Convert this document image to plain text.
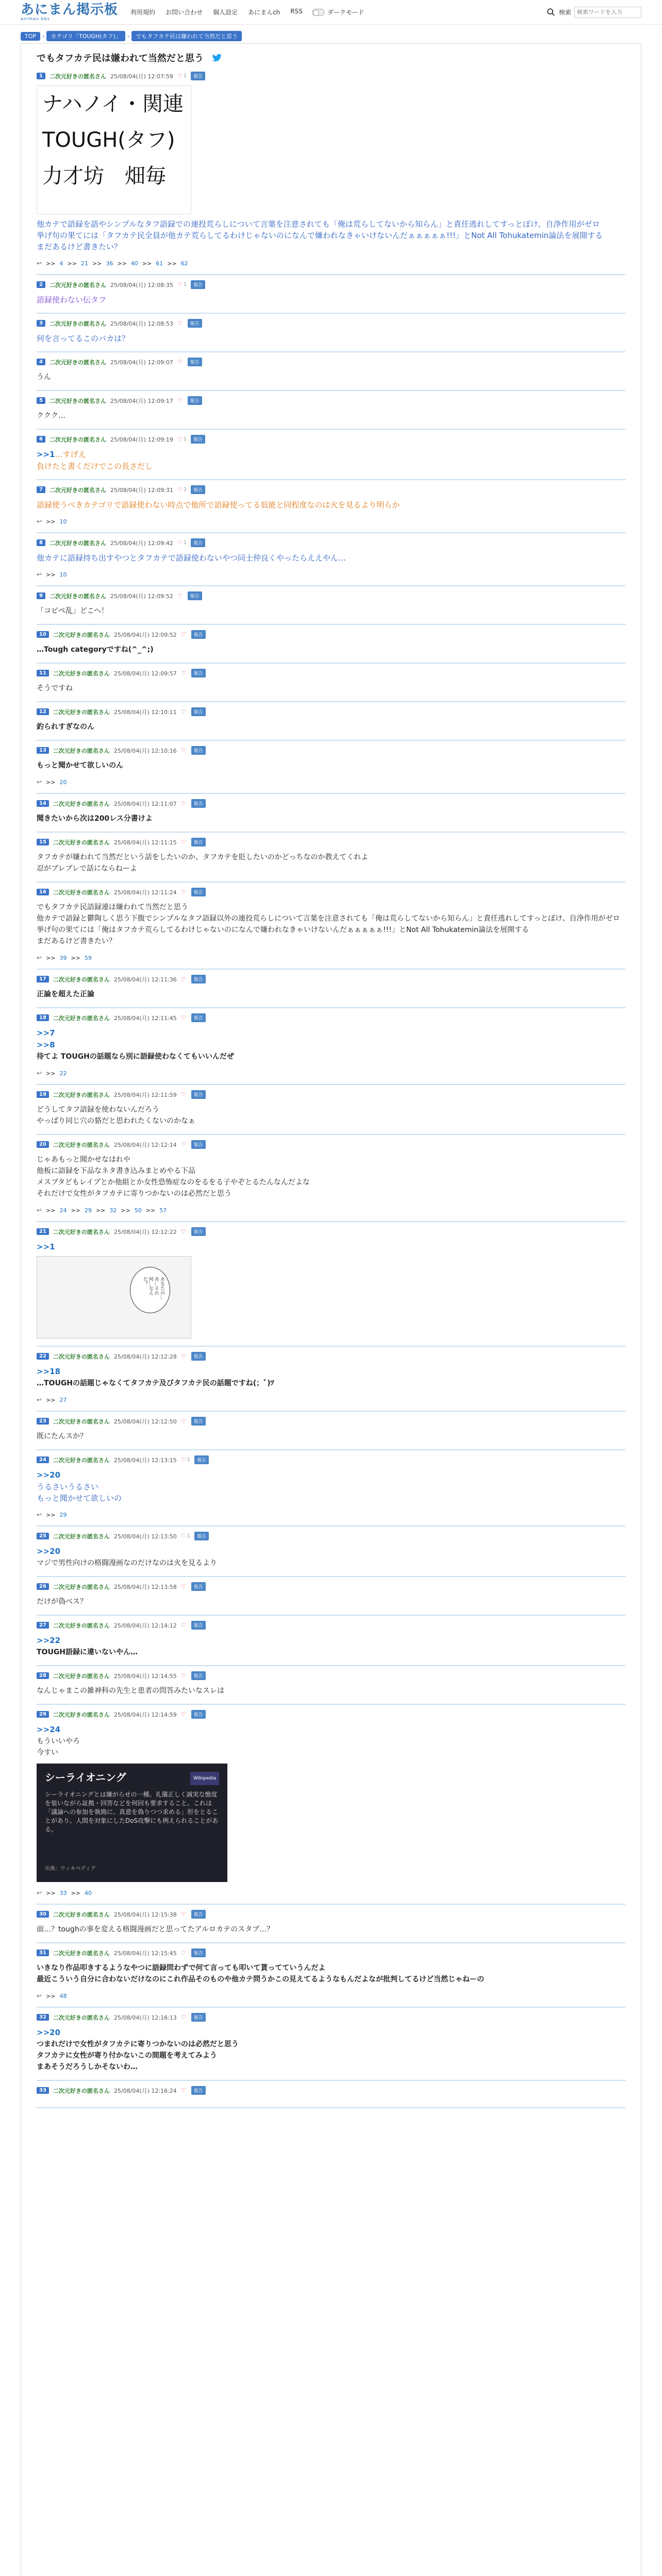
あにまん掲示板
animan bbs
利用規約 お問い合わせ 個人設定 あにまんch RSS	ダークモード	検索
検索ワードを入力
TOP	›	カテゴリ「TOUGH(タフ)」	›	でもタフカテ民は嫌われて当然だと思う
でもタフカテ民は嫌われて当然だと思う
1	二次元好きの匿名さん 25/08/04(月) 12:07:59 ♡ 1	報告
ナハノイ・関連
TOUGH(タフ)
力才坊　畑毎
他カテで語録を語やシンプルなタフ語録での連投荒らしについて言葉を注意されても「俺は荒らしてないから知らん」と責任逃れしてすっとぼけ、自浄作用がゼロ
挙げ句の果てには「タフカテ民全員が他カテ荒らしてるわけじゃないのになんで嫌われなきゃいけないんだぁぁぁぁぁ!!!」とNot All Tohukatemin論法を展開する
まだあるけど書きたい？
↩ >> 4 >> 21 >> 36 >> 40 >> 61 >> 62
2	二次元好きの匿名さん 25/08/04(月) 12:08:35 ♡ 1	報告
語録使わない伝タフ
3	二次元好きの匿名さん 25/08/04(月) 12:08:53 ♡	報告
何を言ってるこのバカは？
4	二次元好きの匿名さん 25/08/04(月) 12:09:07 ♡	報告
うん
5	二次元好きの匿名さん 25/08/04(月) 12:09:17 ♡	報告
ククク…
6	二次元好きの匿名さん 25/08/04(月) 12:09:19 ♡ 1	報告
>>1…すげえ
負けたと書くだけでこの長さだし
7	二次元好きの匿名さん 25/08/04(月) 12:09:31 ♡ 2	報告
語録使うべきカテゴリで語録使わない時点で他所で語録使ってる低能と同程度なのは火を見るより明らか
↩ >> 10
8	二次元好きの匿名さん 25/08/04(月) 12:09:42 ♡ 1	報告
他カテに語録持ち出すやつとタフカテで語録使わないやつ同士仲良くやったらええやん…
↩ >> 10
9	二次元好きの匿名さん 25/08/04(月) 12:09:52 ♡	報告
「コピペ乱」どこへ！
10	二次元好きの匿名さん 25/08/04(月) 12:09:52 ♡	報告
…Tough categoryですね(^_^;)
11	二次元好きの匿名さん 25/08/04(月) 12:09:57 ♡	報告
そうですね
12	二次元好きの匿名さん 25/08/04(月) 12:10:11 ♡	報告
釣られすぎなのん
13	二次元好きの匿名さん 25/08/04(月) 12:10:16 ♡	報告
もっと聞かせて欲しいのん
↩ >> 20
14	二次元好きの匿名さん 25/08/04(月) 12:11:07 ♡	報告
聞きたいから次は200レス分書けよ
15	二次元好きの匿名さん 25/08/04(月) 12:11:15 ♡	報告
タフカテが嫌われて当然だという話をしたいのか、タフカテを貶したいのかどっちなのか教えてくれよ
忍がブレブレで話にならねーよ
16	二次元好きの匿名さん 25/08/04(月) 12:11:24 ♡	報告
でもタフカテ民語録連は嫌われて当然だと思う
他カテで語録と鬱陶しく思う下腹でシンプルなタフ語録以外の連投荒らしについて言葉を注意されても「俺は荒らしてないから知らん」と責任逃れしてすっとぼけ、自浄作用がゼロ
挙げ句の果てには「俺はタフカテ荒らしてるわけじゃないのになんで嫌われなきゃいけないんだぁぁぁぁぁ!!!」とNot All Tohukatemin論法を展開する
まだあるけど書きたい？
↩ >> 39 >> 59
17	二次元好きの匿名さん 25/08/04(月) 12:11:36 ♡	報告
正論を超えた正論
18	二次元好きの匿名さん 25/08/04(月) 12:11:45 ♡	報告
>>7
>>8
待てよ TOUGHの話題なら別に語録使わなくてもいいんだぜ
↩ >> 22
19	二次元好きの匿名さん 25/08/04(月) 12:11:59 ♡	報告
どうしてタフ語録を使わないんだろう
やっぱり同じ穴の貉だと思われたくないのかなぁ
20	二次元好きの匿名さん 25/08/04(月) 12:12:14 ♡	報告
じゃあもっと聞かせなはれや
他板に語録を下品なネタ書き込みまとめやる下品
メスブタどもレイプとか他組とか女性恐怖症なのをるをる子やぞとるたんなんだよな
それだけで女性がタフカテに寄りつかないのは必然だと思う
↩ >> 24 >> 29 >> 32 >> 50 >> 57
21	二次元好きの匿名さん 25/08/04(月) 12:12:22 ♡	報告
>>1
あなたの…あ…それ何…なんだ？
22	二次元好きの匿名さん 25/08/04(月) 12:12:28 ♡	報告
>>18
…TOUGHの話題じゃなくてタフカテ及びタフカテ民の話題ですね(；ﾞ)ﾂ
↩ >> 27
23	二次元好きの匿名さん 25/08/04(月) 12:12:50 ♡	報告
既にたんスか？
24	二次元好きの匿名さん 25/08/04(月) 12:13:15 ♡ 1	報告
>>20
うるさいうるさい
もっと聞かせて欲しいの
↩ >> 29
25	二次元好きの匿名さん 25/08/04(月) 12:13:50 ♡ 1	報告
>>20
マジで男性向けの格闘漫画なのだけなのは火を見るより
26	二次元好きの匿名さん 25/08/04(月) 12:13:58 ♡	報告
だけが偽ベス？
27	二次元好きの匿名さん 25/08/04(月) 12:14:12 ♡	報告
>>22
TOUGH語録に違いないやん…
28	二次元好きの匿名さん 25/08/04(月) 12:14:55 ♡	報告
なんじゃまこの雑神科の先生と患者の問答みたいなスレは
29	二次元好きの匿名さん 25/08/04(月) 12:14:59 ♡	報告
>>24
もういいやろ
今すい
シーライオニング	Wikipedia
シーライオニングとは嫌がらせの一種。礼儀正しく誠実な態度を装いながら証拠・回答などを何回も要求すること。これは「議論への参加を執拗に、真意を偽りつつ求める」形をとることがあり、人間を対象にしたDoS攻撃にも例えられることがある。
出典：ウィキペディア
↩ >> 33 >> 40
30	二次元好きの匿名さん 25/08/04(月) 12:15:38 ♡	報告
面…？toughの事を変える格闘漫画だと思ってたアルロカテのスタブ…？
31	二次元好きの匿名さん 25/08/04(月) 12:15:45 ♡	報告
いきなり作品叩きするようなやつに語録問わずで何て言っても叩いて貰ってていうんだよ
最近こういう自分に合わないだけなのにこれ作品そのものや他カテ問うかこの見えてるようなもんだよなが批判してるけど当然じゃねーの
↩ >> 48
32	二次元好きの匿名さん 25/08/04(月) 12:16:13 ♡	報告
>>20
つまれだけで女性がタフカテに寄りつかないのは必然だと思う
タフカテに女性が寄り付かないこの間題を考えてみよう
まあそうだろうしかそないわ…
33	二次元好きの匿名さん 25/08/04(月) 12:16:24 ♡	報告
